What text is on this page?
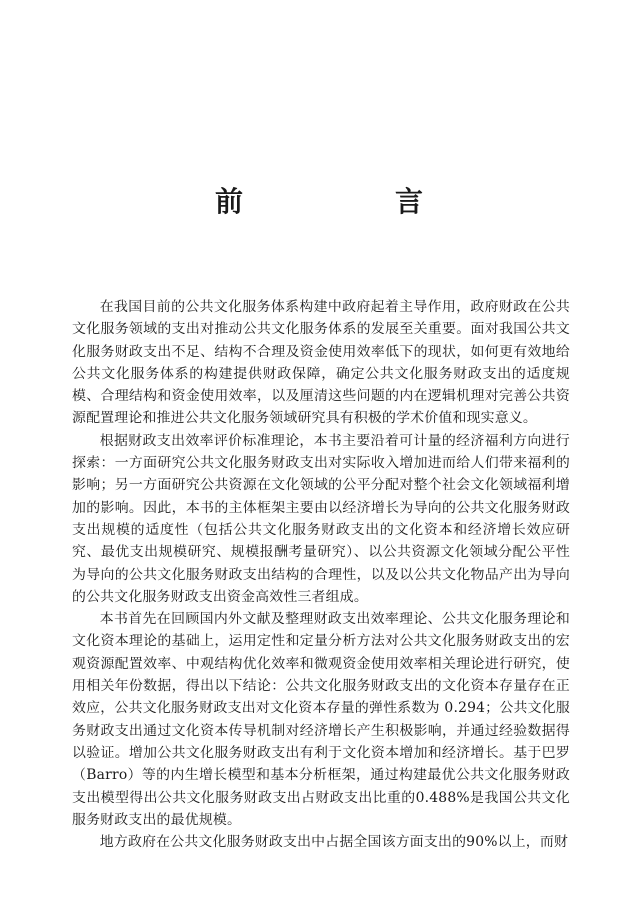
前　言

在我国目前的公共文化服务体系构建中政府起着主导作用，政府财政在公共文化服务领域的支出对推动公共文化服务体系的发展至关重要。面对我国公共文化服务财政支出不足、结构不合理及资金使用效率低下的现状，如何更有效地给公共文化服务体系的构建提供财政保障，确定公共文化服务财政支出的适度规模、合理结构和资金使用效率，以及厘清这些问题的内在逻辑机理对完善公共资源配置理论和推进公共文化服务领域研究具有积极的学术价值和现实意义。

根据财政支出效率评价标准理论，本书主要沿着可计量的经济福利方向进行探索：一方面研究公共文化服务财政支出对实际收入增加进而给人们带来福利的影响；另一方面研究公共资源在文化领域的公平分配对整个社会文化领域福利增加的影响。因此，本书的主体框架主要由以经济增长为导向的公共文化服务财政支出规模的适度性（包括公共文化服务财政支出的文化资本和经济增长效应研究、最优支出规模研究、规模报酬考量研究）、以公共资源文化领域分配公平性为导向的公共文化服务财政支出结构的合理性，以及以公共文化物品产出为导向的公共文化服务财政支出资金高效性三者组成。

本书首先在回顾国内外文献及整理财政支出效率理论、公共文化服务理论和文化资本理论的基础上，运用定性和定量分析方法对公共文化服务财政支出的宏观资源配置效率、中观结构优化效率和微观资金使用效率相关理论进行研究，使用相关年份数据，得出以下结论：公共文化服务财政支出的文化资本存量存在正效应，公共文化服务财政支出对文化资本存量的弹性系数为 0.294；公共文化服务财政支出通过文化资本传导机制对经济增长产生积极影响，并通过经验数据得以验证。增加公共文化服务财政支出有利于文化资本增加和经济增长。基于巴罗（Barro）等的内生增长模型和基本分析框架，通过构建最优公共文化服务财政支出模型得出公共文化服务财政支出占财政支出比重的0.488%是我国公共文化服务财政支出的最优规模。

地方政府在公共文化服务财政支出中占据全国该方面支出的90%以上，而财
